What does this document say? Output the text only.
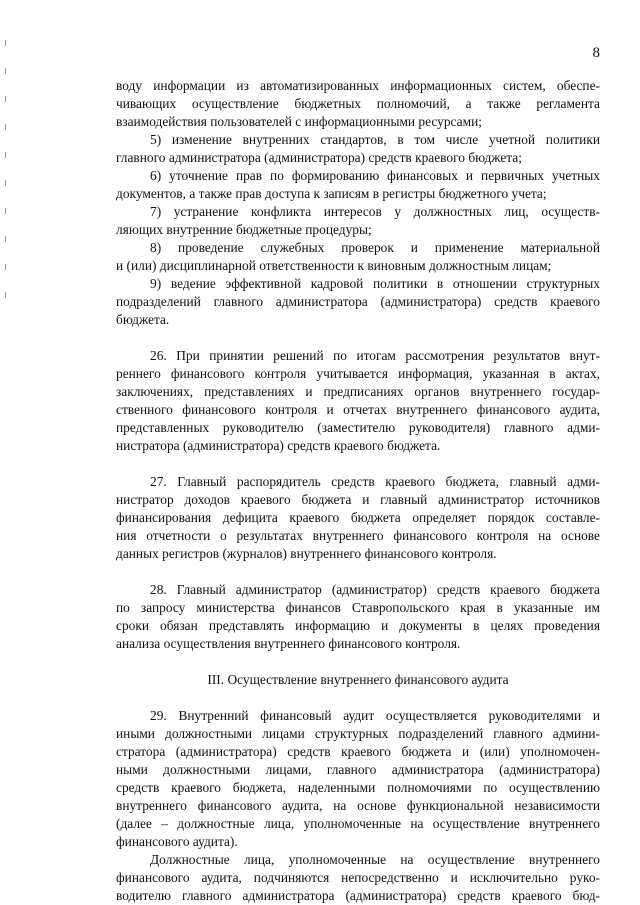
8

воду информации из автоматизированных информационных систем, обеспе-
чивающих осуществление бюджетных полномочий, а также регламента
взаимодействия пользователей с информационными ресурсами;

5) изменение внутренних стандартов, в том числе учетной политики
главного администратора (администратора) средств краевого бюджета;

6) уточнение прав по формированию финансовых и первичных учетных
документов, а также прав доступа к записям в регистры бюджетного учета;

7) устранение конфликта интересов у должностных лиц, осуществ-
ляющих внутренние бюджетные процедуры;

8) проведение служебных проверок и применение материальной
и (или) дисциплинарной ответственности к виновным должностным лицам;

9) ведение эффективной кадровой политики в отношении структурных
подразделений главного администратора (администратора) средств краевого
бюджета.

26. При принятии решений по итогам рассмотрения результатов внут-
реннего финансового контроля учитывается информация, указанная в актах,
заключениях, представлениях и предписаниях органов внутреннего государ-
ственного финансового контроля и отчетах внутреннего финансового аудита,
представленных руководителю (заместителю руководителя) главного адми-
нистратора (администратора) средств краевого бюджета.

27. Главный распорядитель средств краевого бюджета, главный адми-
нистратор доходов краевого бюджета и главный администратор источников
финансирования дефицита краевого бюджета определяет порядок составле-
ния отчетности о результатах внутреннего финансового контроля на основе
данных регистров (журналов) внутреннего финансового контроля.

28. Главный администратор (администратор) средств краевого бюджета
по запросу министерства финансов Ставропольского края в указанные им
сроки обязан представлять информацию и документы в целях проведения
анализа осуществления внутреннего финансового контроля.

III. Осуществление внутреннего финансового аудита

29. Внутренний финансовый аудит осуществляется руководителями и
иными должностными лицами структурных подразделений главного админи-
стратора (администратора) средств краевого бюджета и (или) уполномочен-
ными должностными лицами, главного администратора (администратора)
средств краевого бюджета, наделенными полномочиями по осуществлению
внутреннего финансового аудита, на основе функциональной независимости
(далее – должностные лица, уполномоченные на осуществление внутреннего
финансового аудита).

Должностные лица, уполномоченные на осуществление внутреннего
финансового аудита, подчиняются непосредственно и исключительно руко-
водителю главного администратора (администратора) средств краевого бюд-
